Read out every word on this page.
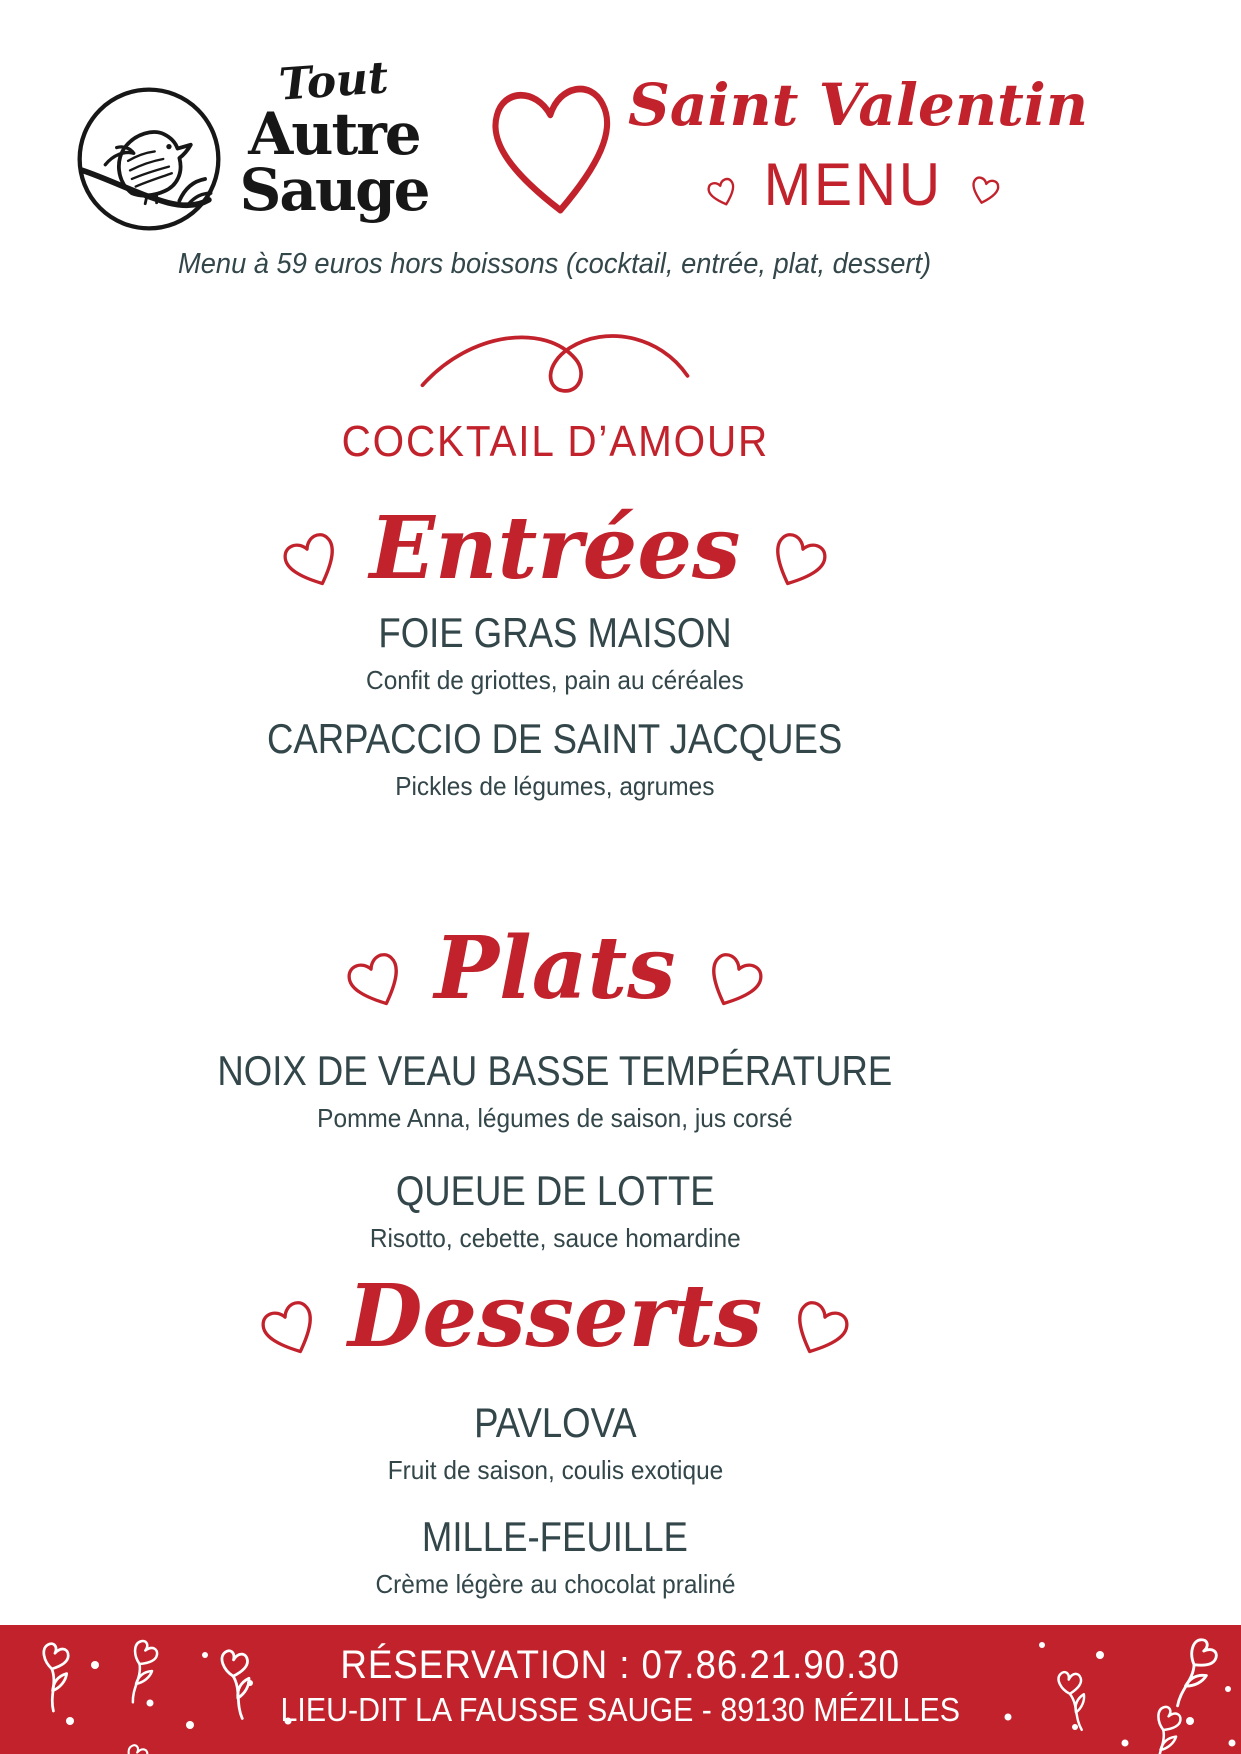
Tout
Autre
Sauge
Saint Valentin
MENU
Menu à 59 euros hors boissons (cocktail, entrée, plat, dessert)
COCKTAIL D’AMOUR
Entrées
FOIE GRAS MAISON
Confit de griottes, pain au céréales
CARPACCIO DE SAINT JACQUES
Pickles de légumes, agrumes
Plats
NOIX DE VEAU BASSE TEMPÉRATURE
Pomme Anna, légumes de saison, jus corsé
QUEUE DE LOTTE
Risotto, cebette, sauce homardine
Desserts
PAVLOVA
Fruit de saison, coulis exotique
MILLE-FEUILLE
Crème légère au chocolat praliné
RÉSERVATION : 07.86.21.90.30
LIEU-DIT LA FAUSSE SAUGE - 89130 MÉZILLES
